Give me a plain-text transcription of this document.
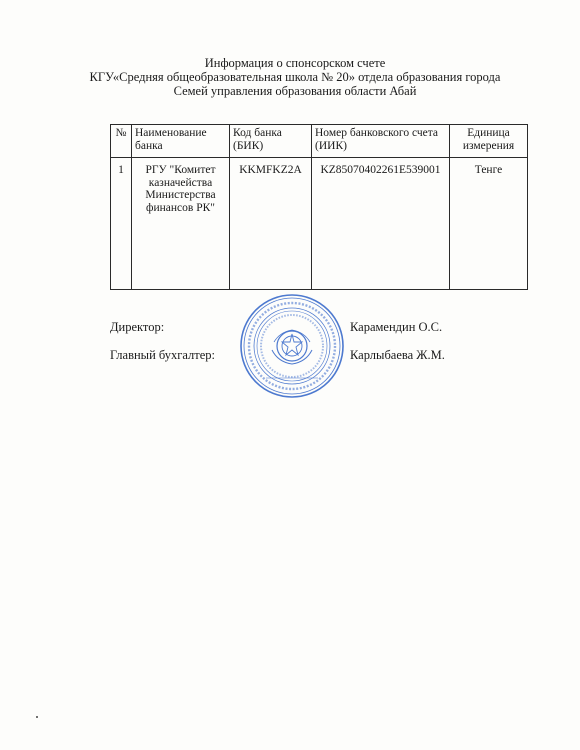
Информация о спонсорском счете
КГУ«Средняя общеобразовательная школа № 20» отдела образования города
Семей управления образования области Абай
№	Наименование банка	Код банка (БИК)	Номер банковского счета (ИИК)	Единица измерения
1	РГУ "Комитет казначейства Министерства финансов РК"	KKMFKZ2A	KZ85070402261E539001	Тенге
Директор:	Карамендин О.С.
Главный бухгалтер:	Карлыбаева Ж.М.
